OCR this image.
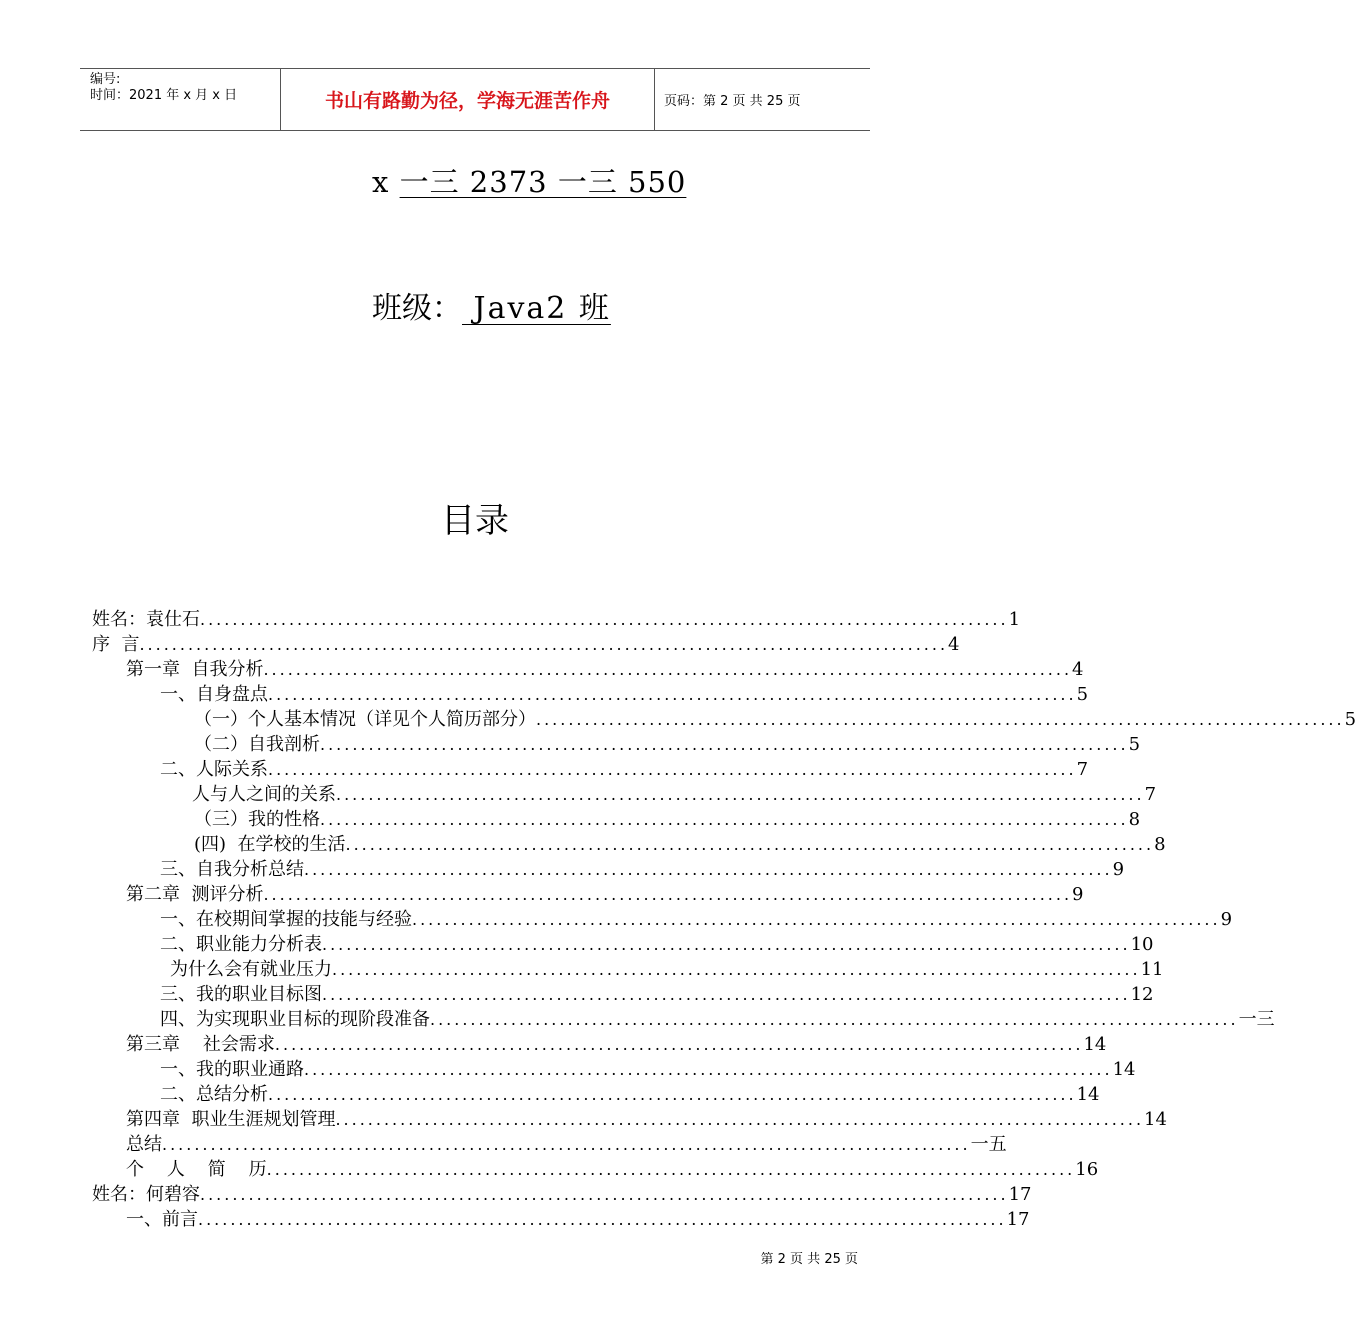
编号:
时间：2021 年 x 月 x 日	书山有路勤为径，学海无涯苦作舟	页码：第 2 页 共 25 页
x 一三 2373 一三 550
班级： Java2 班
目录
姓名：袁仕石 .................................................................................................... 1
序  言 .................................................................................................... 4
第一章  自我分析 .................................................................................................... 4
一、自身盘点 .................................................................................................... 5
（一）个人基本情况（详见个人简历部分） .................................................................................................... 5
（二）自我剖析 .................................................................................................... 5
二、人际关系 .................................................................................................... 7
人与人之间的关系 .................................................................................................... 7
（三）我的性格 .................................................................................................... 8
(四)  在学校的生活 .................................................................................................... 8
三、自我分析总结 .................................................................................................... 9
第二章  测评分析 .................................................................................................... 9
一、在校期间掌握的技能与经验 .................................................................................................... 9
二、职业能力分析表 .................................................................................................... 10
为什么会有就业压力 .................................................................................................... 11
三、我的职业目标图 .................................................................................................... 12
四、为实现职业目标的现阶段准备 .................................................................................................... 一三
第三章    社会需求 .................................................................................................... 14
一、我的职业通路 .................................................................................................... 14
二、总结分析 .................................................................................................... 14
第四章  职业生涯规划管理 .................................................................................................... 14
总结 .................................................................................................... 一五
个    人    简    历 .................................................................................................... 16
姓名：何碧容 .................................................................................................... 17
一、前言 .................................................................................................... 17
第 2 页 共 25 页
